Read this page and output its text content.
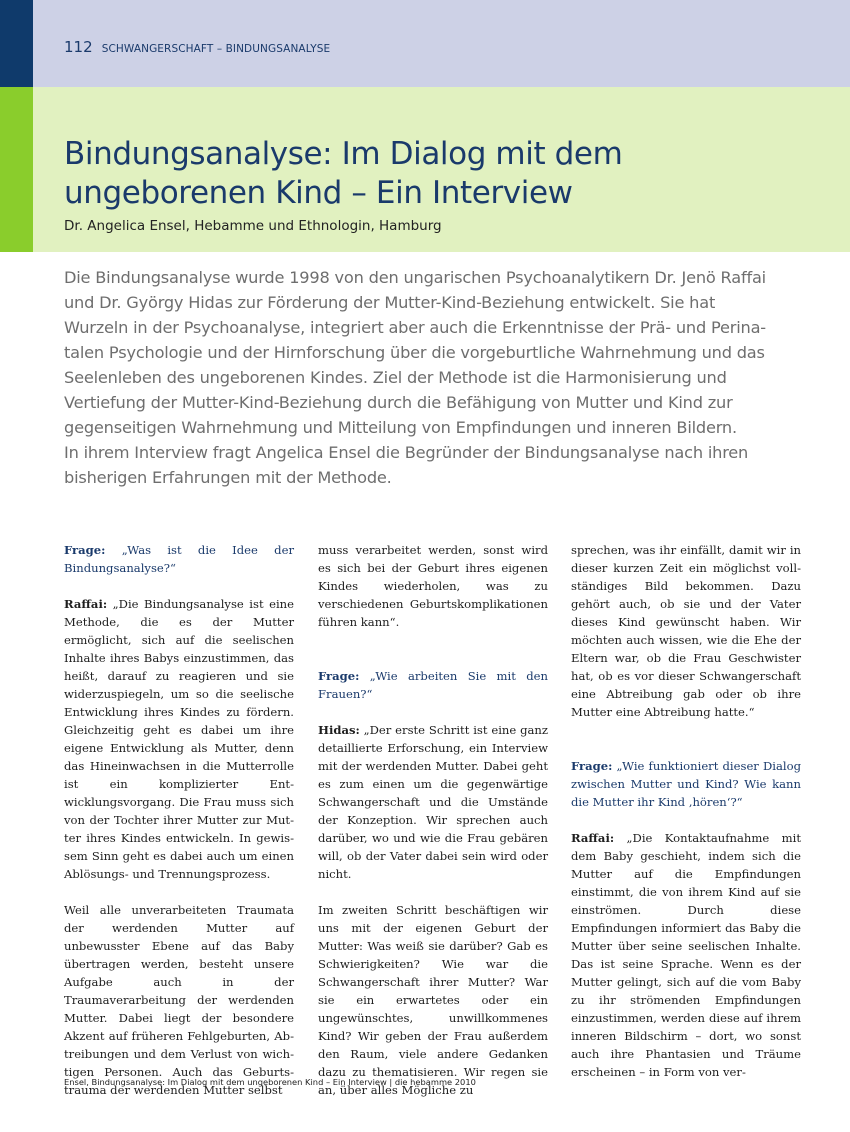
112 SCHWANGERSCHAFT – BINDUNGSANALYSE
Bindungsanalyse: Im Dialog mit dem
ungeborenen Kind – Ein Interview
Dr. Angelica Ensel, Hebamme und Ethnologin, Hamburg
Die Bindungsanalyse wurde 1998 von den ungarischen Psychoanalytikern Dr. Jenö Raffai
und Dr. György Hidas zur Förderung der Mutter-Kind-Beziehung entwickelt. Sie hat
Wurzeln in der Psychoanalyse, integriert aber auch die Erkenntnisse der Prä- und Perina-
talen Psychologie und der Hirnforschung über die vorgeburtliche Wahrnehmung und das
Seelenleben des ungeborenen Kindes. Ziel der Methode ist die Harmonisierung und
Vertiefung der Mutter-Kind-Beziehung durch die Befähigung von Mutter und Kind zur
gegenseitigen Wahrnehmung und Mitteilung von Empfindungen und inneren Bildern.
In ihrem Interview fragt Angelica Ensel die Begründer der Bindungsanalyse nach ihren
bisherigen Erfahrungen mit der Methode.

Frage: „Was ist die Idee der Bindungsanalyse?“

Raffai: „Die Bindungsanalyse ist eine Methode, die es der Mutter ermöglicht, sich auf die seelischen Inhalte ihres Babys einzustimmen, das heißt, darauf zu reagieren und sie widerzuspiegeln, um so die seelische Entwicklung ihres Kindes zu fördern. Gleichzeitig geht es dabei um ihre eigene Entwicklung als Mutter, denn das Hineinwachsen in die Mutterrolle ist ein komplizierter Entwicklungsvorgang. Die Frau muss sich von der Tochter ihrer Mutter zur Mutter ihres Kindes entwickeln. In gewissem Sinn geht es dabei auch um einen Ablösungs- und Trennungsprozess.

Weil alle unverarbeiteten Traumata der werdenden Mutter auf unbewusster Ebene auf das Baby übertragen werden, besteht unsere Aufgabe auch in der Traumaverarbeitung der werdenden Mutter. Dabei liegt der besondere Akzent auf früheren Fehlgeburten, Abtreibungen und dem Verlust von wichtigen Personen. Auch das Geburtstrauma der werdenden Mutter selbst

muss verarbeitet werden, sonst wird es sich bei der Geburt ihres eigenen Kindes wiederholen, was zu verschiedenen Geburtskomplikationen führen kann“.

Frage: „Wie arbeiten Sie mit den Frauen?“

Hidas: „Der erste Schritt ist eine ganz detaillierte Erforschung, ein Interview mit der werdenden Mutter. Dabei geht es zum einen um die gegenwärtige Schwangerschaft und die Umstände der Konzeption. Wir sprechen auch darüber, wo und wie die Frau gebären will, ob der Vater dabei sein wird oder nicht.

Im zweiten Schritt beschäftigen wir uns mit der eigenen Geburt der Mutter: Was weiß sie darüber? Gab es Schwierigkeiten? Wie war die Schwangerschaft ihrer Mutter? War sie ein erwartetes oder ein ungewünschtes, unwillkommenes Kind? Wir geben der Frau außerdem den Raum, viele andere Gedanken dazu zu thematisieren. Wir regen sie an, über alles Mögliche zu

sprechen, was ihr einfällt, damit wir in dieser kurzen Zeit ein möglichst vollständiges Bild bekommen. Dazu gehört auch, ob sie und der Vater dieses Kind gewünscht haben. Wir möchten auch wissen, wie die Ehe der Eltern war, ob die Frau Geschwister hat, ob es vor dieser Schwangerschaft eine Abtreibung gab oder ob ihre Mutter eine Abtreibung hatte.“

Frage: „Wie funktioniert dieser Dialog zwischen Mutter und Kind? Wie kann die Mutter ihr Kind ‚hören‘?“

Raffai: „Die Kontaktaufnahme mit dem Baby geschieht, indem sich die Mutter auf die Empfindungen einstimmt, die von ihrem Kind auf sie einströmen. Durch diese Empfindungen informiert das Baby die Mutter über seine seelischen Inhalte. Das ist seine Sprache. Wenn es der Mutter gelingt, sich auf die vom Baby zu ihr strömenden Empfindungen einzustimmen, werden diese auf ihrem inneren Bildschirm – dort, wo sonst auch ihre Phantasien und Träume erscheinen – in Form von ver-

Ensel, Bindungsanalyse: Im Dialog mit dem ungeborenen Kind – Ein Interview | die hebamme 2010
